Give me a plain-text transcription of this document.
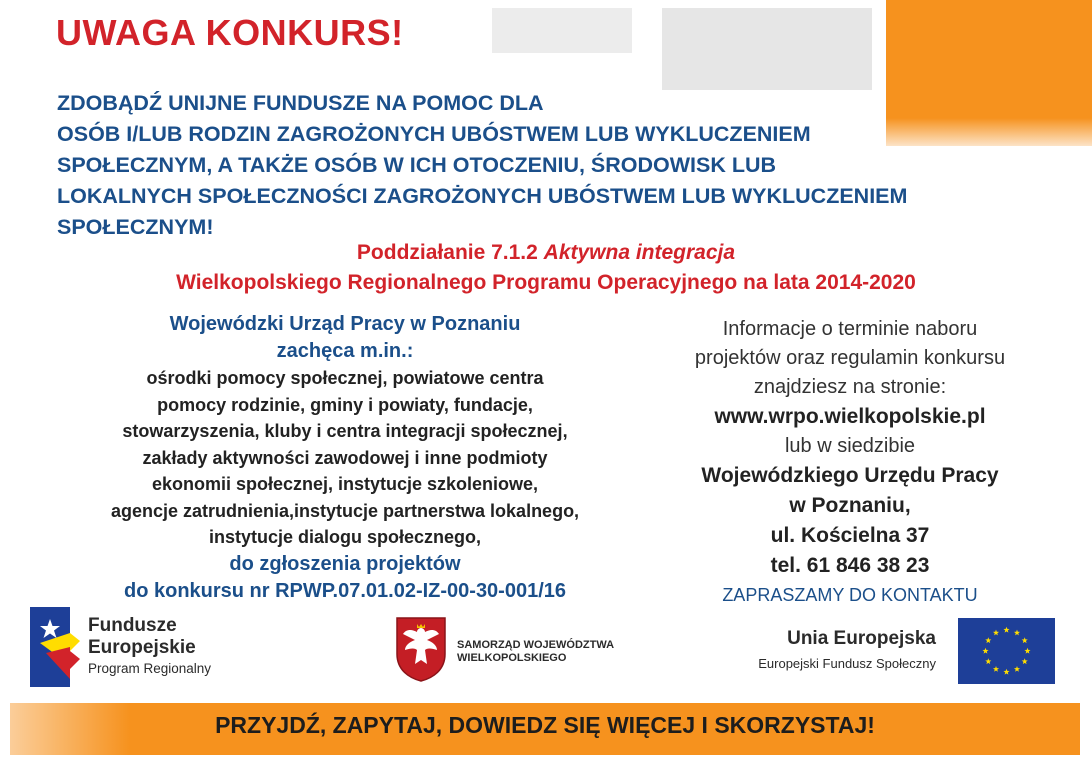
UWAGA KONKURS!
ZDOBĄDŹ UNIJNE FUNDUSZE NA POMOC DLA
OSÓB I/LUB RODZIN ZAGROŻONYCH UBÓSTWEM LUB WYKLUCZENIEM
SPOŁECZNYM, A TAKŻE OSÓB W ICH OTOCZENIU, ŚRODOWISK LUB
LOKALNYCH SPOŁECZNOŚCI ZAGROŻONYCH UBÓSTWEM LUB WYKLUCZENIEM
SPOŁECZNYM!
Poddziałanie 7.1.2 Aktywna integracja
Wielkopolskiego Regionalnego Programu Operacyjnego na lata 2014-2020
Wojewódzki Urząd Pracy w Poznaniu
zachęca m.in.:
ośrodki pomocy społecznej, powiatowe centra
pomocy rodzinie, gminy i powiaty, fundacje,
stowarzyszenia, kluby i centra integracji społecznej,
zakłady aktywności zawodowej i inne podmioty
ekonomii społecznej, instytucje szkoleniowe,
agencje zatrudnienia,instytucje partnerstwa lokalnego,
instytucje dialogu społecznego,
do zgłoszenia projektów
do konkursu nr RPWP.07.01.02-IZ-00-30-001/16
Informacje o terminie naboru
projektów oraz regulamin konkursu
znajdziesz na stronie:
www.wrpo.wielkopolskie.pl
lub w siedzibie
Wojewódzkiego Urzędu Pracy
w Poznaniu,
ul. Kościelna 37
tel. 61 846 38 23
ZAPRASZAMY DO KONTAKTU
Fundusze
Europejskie
Program Regionalny
SAMORZĄD WOJEWÓDZTWA
WIELKOPOLSKIEGO
Unia Europejska
Europejski Fundusz Społeczny
PRZYJDŹ, ZAPYTAJ, DOWIEDZ SIĘ WIĘCEJ I SKORZYSTAJ!
